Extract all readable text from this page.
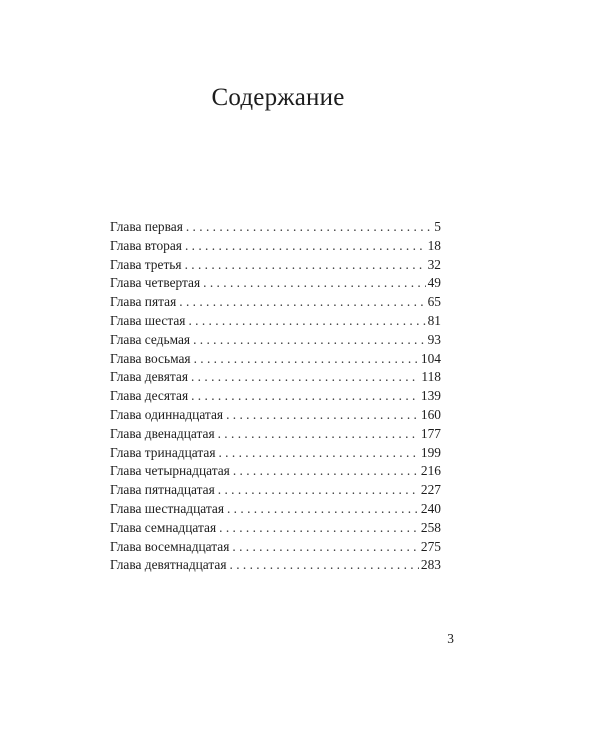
Содержание
Глава первая . . .	5
Глава вторая . . .	18
Глава третья . . .	32
Глава четвертая . . .	49
Глава пятая . . .	65
Глава шестая . . .	81
Глава седьмая . . .	93
Глава восьмая . . .	104
Глава девятая . . .	118
Глава десятая . . .	139
Глава одиннадцатая . . .	160
Глава двенадцатая . . .	177
Глава тринадцатая . . .	199
Глава четырнадцатая . . .	216
Глава пятнадцатая . . .	227
Глава шестнадцатая . . .	240
Глава семнадцатая . . .	258
Глава восемнадцатая . . .	275
Глава девятнадцатая . . .	283
3
